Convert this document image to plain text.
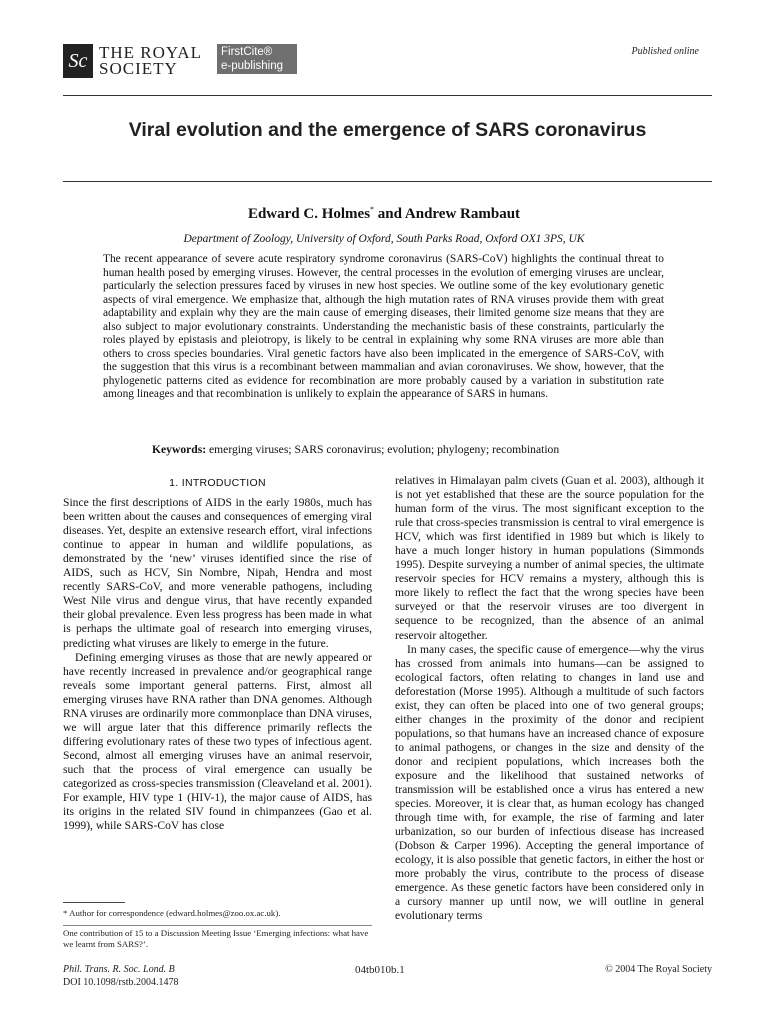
Sc THE ROYAL
SOCIETY
FirstCite®
e-publishing
Published online
Viral evolution and the emergence of SARS coronavirus
Edward C. Holmes* and Andrew Rambaut
Department of Zoology, University of Oxford, South Parks Road, Oxford OX1 3PS, UK

The recent appearance of severe acute respiratory syndrome coronavirus (SARS-CoV) highlights the continual threat to human health posed by emerging viruses. However, the central processes in the evolution of emerging viruses are unclear, particularly the selection pressures faced by viruses in new host species. We outline some of the key evolutionary genetic aspects of viral emergence. We emphasize that, although the high mutation rates of RNA viruses provide them with great adaptability and explain why they are the main cause of emerging diseases, their limited genome size means that they are also subject to major evolutionary constraints. Understanding the mechanistic basis of these constraints, particularly the roles played by epistasis and pleiotropy, is likely to be central in explaining why some RNA viruses are more able than others to cross species boundaries. Viral genetic factors have also been implicated in the emergence of SARS-CoV, with the suggestion that this virus is a recombinant between mammalian and avian coronaviruses. We show, however, that the phylogenetic patterns cited as evidence for recombination are more probably caused by a variation in substitution rate among lineages and that recombination is unlikely to explain the appearance of SARS in humans.

Keywords: emerging viruses; SARS coronavirus; evolution; phylogeny; recombination
1. INTRODUCTION

Since the first descriptions of AIDS in the early 1980s, much has been written about the causes and consequences of emerging viral diseases. Yet, despite an extensive research effort, viral infections continue to appear in human and wildlife populations, as demonstrated by the ‘new’ viruses identified since the rise of AIDS, such as HCV, Sin Nombre, Nipah, Hendra and most recently SARS-CoV, and more venerable pathogens, including West Nile virus and dengue virus, that have recently expanded their global prevalence. Even less progress has been made in what is perhaps the ultimate goal of research into emerging viruses, predicting what viruses are likely to emerge in the future.

Defining emerging viruses as those that are newly appeared or have recently increased in prevalence and/or geographical range reveals some important general patterns. First, almost all emerging viruses have RNA rather than DNA genomes. Although RNA viruses are ordinarily more commonplace than DNA viruses, we will argue later that this difference primarily reflects the differing evolutionary rates of these two types of infectious agent. Second, almost all emerging viruses have an animal reservoir, such that the process of viral emergence can usually be categorized as cross-species transmission (Cleaveland et al. 2001). For example, HIV type 1 (HIV-1), the major cause of AIDS, has its origins in the related SIV found in chimpanzees (Gao et al. 1999), while SARS-CoV has close

relatives in Himalayan palm civets (Guan et al. 2003), although it is not yet established that these are the source population for the human form of the virus. The most significant exception to the rule that cross-species transmission is central to viral emergence is HCV, which was first identified in 1989 but which is likely to have a much longer history in human populations (Simmonds 1995). Despite surveying a number of animal species, the ultimate reservoir species for HCV remains a mystery, although this is more likely to reflect the fact that the wrong species have been surveyed or that the reservoir viruses are too divergent in sequence to be recognized, than the absence of an animal reservoir altogether.

In many cases, the specific cause of emergence—why the virus has crossed from animals into humans—can be assigned to ecological factors, often relating to changes in land use and deforestation (Morse 1995). Although a multitude of such factors exist, they can often be placed into one of two general groups; either changes in the proximity of the donor and recipient populations, so that humans have an increased chance of exposure to animal pathogens, or changes in the size and density of the donor and recipient populations, which increases both the exposure and the likelihood that sustained networks of transmission will be established once a virus has entered a new species. Moreover, it is clear that, as human ecology has changed through time with, for example, the rise of farming and later urbanization, so our burden of infectious disease has increased (Dobson & Carper 1996). Accepting the general importance of ecology, it is also possible that genetic factors, in either the host or more probably the virus, contribute to the process of disease emergence. As these genetic factors have been considered only in a cursory manner up until now, we will outline in general evolutionary terms

* Author for correspondence (edward.holmes@zoo.ox.ac.uk).
One contribution of 15 to a Discussion Meeting Issue ‘Emerging infections: what have we learnt from SARS?’.
Phil. Trans. R. Soc. Lond. B
DOI 10.1098/rstb.2004.1478
04tb010b.1	© 2004 The Royal Society
